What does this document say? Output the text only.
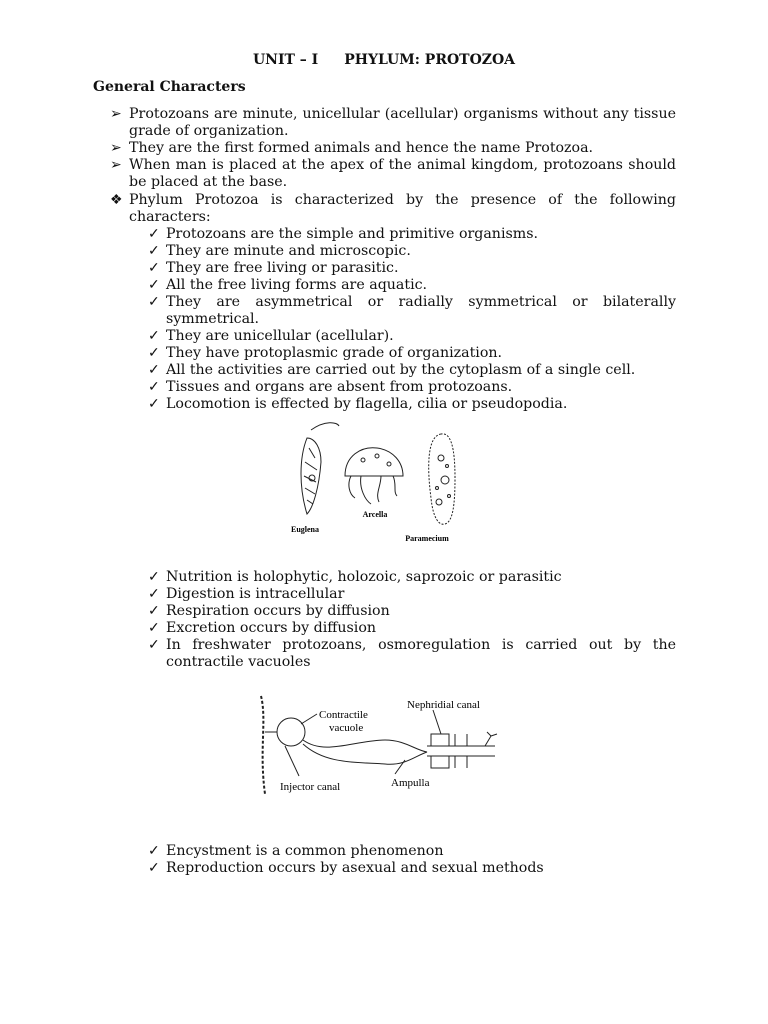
UNIT – I PHYLUM: PROTOZOA
General Characters
➢ Protozoans are minute, unicellular (acellular) organisms without any tissue grade of organization.
➢ They are the first formed animals and hence the name Protozoa.
➢ When man is placed at the apex of the animal kingdom, protozoans should be placed at the base.
❖ Phylum Protozoa is characterized by the presence of the following characters:
✓ Protozoans are the simple and primitive organisms.
✓ They are minute and microscopic.
✓ They are free living or parasitic.
✓ All the free living forms are aquatic.
✓ They are asymmetrical or radially symmetrical or bilaterally symmetrical.
✓ They are unicellular (acellular).
✓ They have protoplasmic grade of organization.
✓ All the activities are carried out by the cytoplasm of a single cell.
✓ Tissues and organs are absent from protozoans.
✓ Locomotion is effected by flagella, cilia or pseudopodia.
Arcella
Euglena
Paramecium
✓ Nutrition is holophytic, holozoic, saprozoic or parasitic
✓ Digestion is intracellular
✓ Respiration occurs by diffusion
✓ Excretion occurs by diffusion
✓ In freshwater protozoans, osmoregulation is carried out by the contractile vacuoles
Contractile
vacuole
Nephridial canal
Ampulla
Injector canal
✓ Encystment is a common phenomenon
✓ Reproduction occurs by asexual and sexual methods
